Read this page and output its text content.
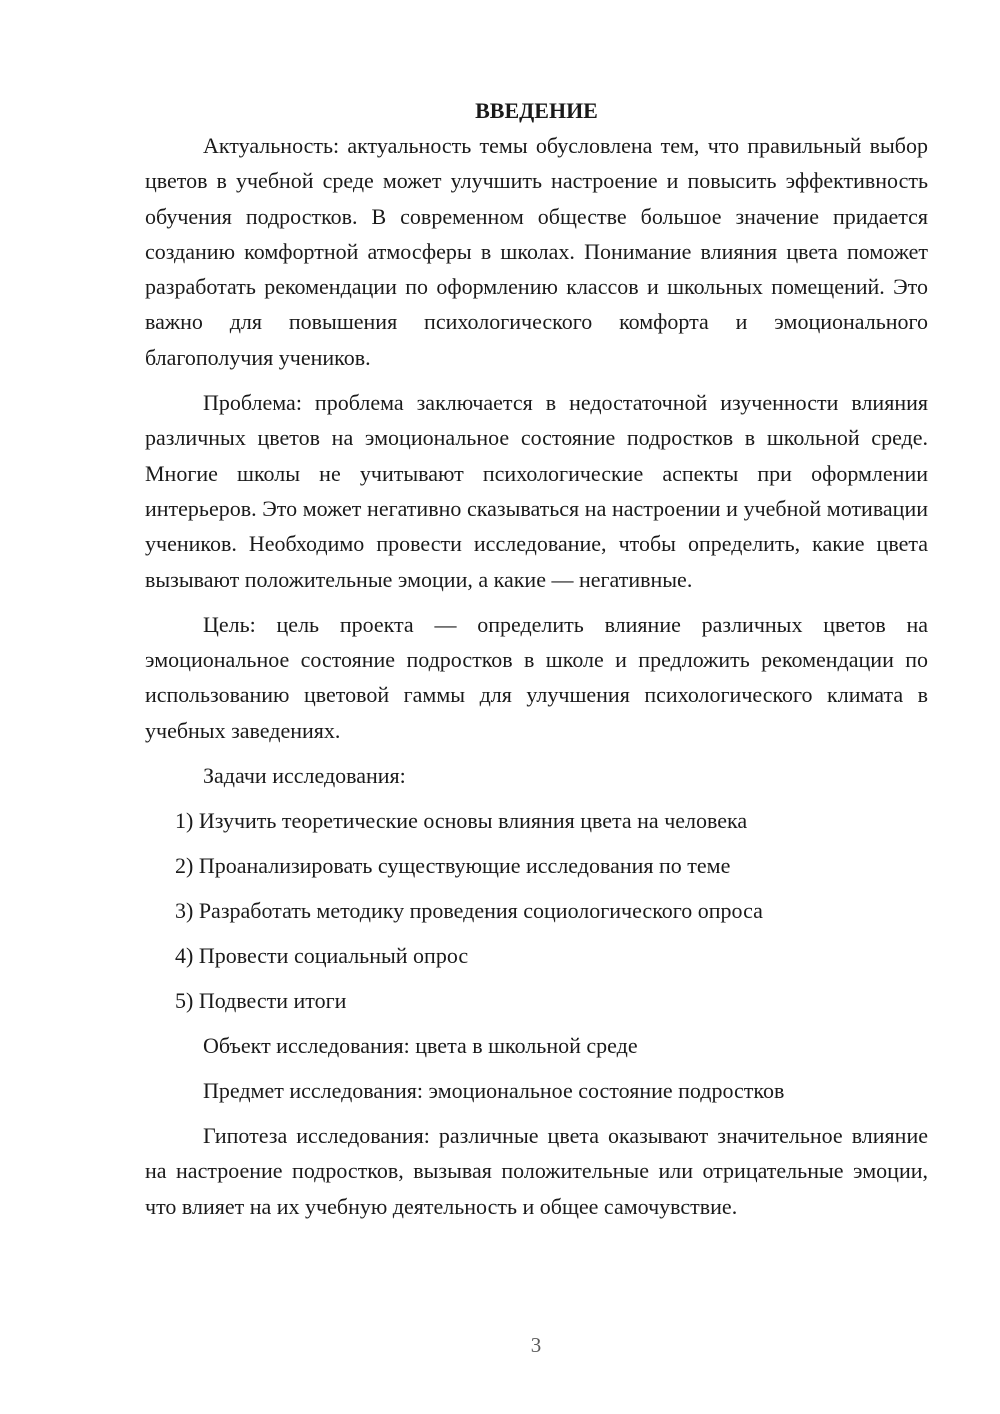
ВВЕДЕНИЕ

Актуальность: актуальность темы обусловлена тем, что правильный выбор цветов в учебной среде может улучшить настроение и повысить эффективность обучения подростков. В современном обществе большое значение придается созданию комфортной атмосферы в школах. Понимание влияния цвета поможет разработать рекомендации по оформлению классов и школьных помещений. Это важно для повышения психологического комфорта и эмоционального благополучия учеников.

Проблема: проблема заключается в недостаточной изученности влияния различных цветов на эмоциональное состояние подростков в школьной среде. Многие школы не учитывают психологические аспекты при оформлении интерьеров. Это может негативно сказываться на настроении и учебной мотивации учеников. Необходимо провести исследование, чтобы определить, какие цвета вызывают положительные эмоции, а какие — негативные.

Цель: цель проекта — определить влияние различных цветов на эмоциональное состояние подростков в школе и предложить рекомендации по использованию цветовой гаммы для улучшения психологического климата в учебных заведениях.

Задачи исследования:

1) Изучить теоретические основы влияния цвета на человека
2) Проанализировать существующие исследования по теме
3) Разработать методику проведения социологического опроса
4) Провести социальный опрос
5) Подвести итоги

Объект исследования: цвета в школьной среде

Предмет исследования: эмоциональное состояние подростков

Гипотеза исследования: различные цвета оказывают значительное влияние на настроение подростков, вызывая положительные или отрицательные эмоции, что влияет на их учебную деятельность и общее самочувствие.

3
